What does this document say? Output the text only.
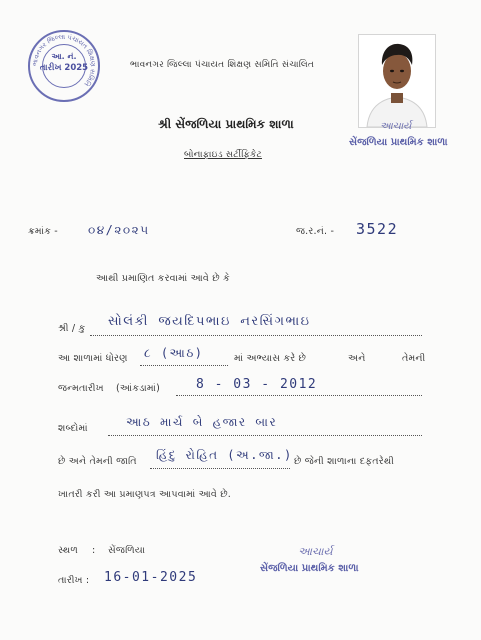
ભાવનગર જિલ્લા પંચાયત શિક્ષણ સમિતિ
આ. નં.
તારીખ 2025	ભાવનગર જિલ્લા પંચાયત શિક્ષણ સમિતિ સંચાલિત
શ્રી સેંજળિયા પ્રાથમિક શાળા
બોનાફાઇડ સર્ટીફિકેટ
આચાર્ય
સેંજળિયા પ્રાથમિક શાળા
ક્રમાંક -	૦૪/૨૦૨૫	જ.ર.નં. - 3522
આથી પ્રમાણિત કરવામાં આવે છે કે
શ્રી / કુ સોલંકી જયદિપભાઇ નરસિંગભાઇ
આ શાળામાં ધોરણ ૮ (આઠ)	માં અભ્યાસ કરે છે	અને	તેમની
જન્મતારીખ (આંકડામાં)	8 - 03 - 2012
શબ્દોમાં	આઠ માર્ચ બે હજાર બાર
છે અને તેમની જાતિ હિંદુ રોહિત (અ.જા.) છે જેની શાળાના દફતરેથી
ખાતરી કરી આ પ્રમાણપત્ર આપવામાં આવે છે.
સ્થળ : સેંજળિયા
તારીખ : 16-01-2025
આચાર્ય
સેંજળિયા પ્રાથમિક શાળા
